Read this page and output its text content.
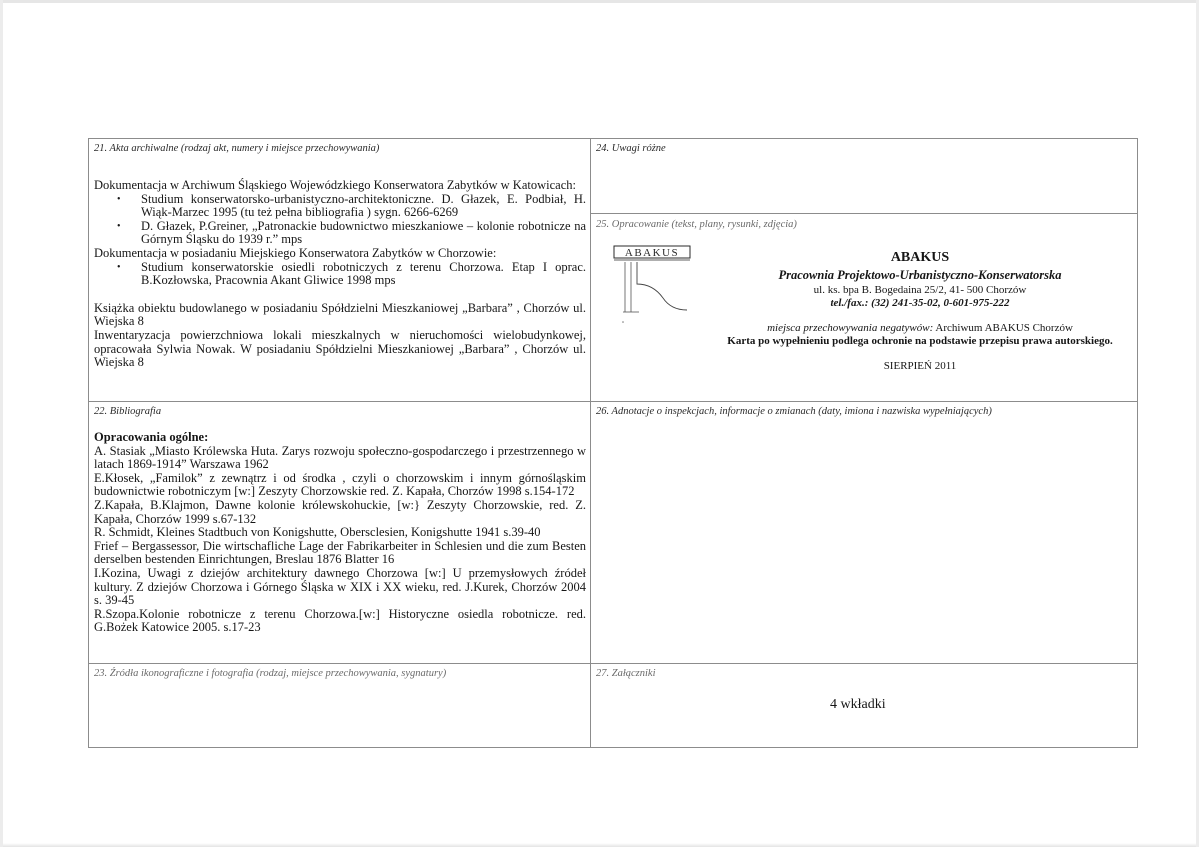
21. Akta archiwalne (rodzaj akt, numery i miejsce przechowywania)

Dokumentacja w Archiwum Śląskiego Wojewódzkiego Konserwatora Zabytków w Katowicach:

• Studium konserwatorsko-urbanistyczno-architektoniczne. D. Głazek, E. Podbiał, H. Wiąk-Marzec 1995 (tu też pełna bibliografia ) sygn. 6266-6269
• D. Głazek, P.Greiner, „Patronackie budownictwo mieszkaniowe – kolonie robotnicze na Górnym Śląsku do 1939 r.” mps

Dokumentacja w posiadaniu Miejskiego Konserwatora Zabytków w Chorzowie:

• Studium konserwatorskie osiedli robotniczych z terenu Chorzowa. Etap I oprac. B.Kozłowska, Pracownia Akant Gliwice 1998 mps

Książka obiektu budowlanego w posiadaniu Spółdzielni Mieszkaniowej „Barbara” , Chorzów ul. Wiejska 8

Inwentaryzacja powierzchniowa lokali mieszkalnych w nieruchomości wielobudynkowej, opracowała Sylwia Nowak. W posiadaniu Spółdzielni Mieszkaniowej „Barbara” , Chorzów ul. Wiejska 8

22. Bibliografia

Opracowania ogólne:

A. Stasiak „Miasto Królewska Huta. Zarys rozwoju społeczno-gospodarczego i przestrzennego w latach 1869-1914” Warszawa 1962

E.Kłosek, „Familok” z zewnątrz i od środka , czyli o chorzowskim i innym górnośląskim budownictwie robotniczym [w:] Zeszyty Chorzowskie red. Z. Kapała, Chorzów 1998 s.154-172

Z.Kapała, B.Klajmon, Dawne kolonie królewskohuckie, [w:} Zeszyty Chorzowskie, red. Z. Kapała, Chorzów 1999 s.67-132

R. Schmidt, Kleines Stadtbuch von Konigshutte, Obersclesien, Konigshutte 1941 s.39-40

Frief – Bergassessor, Die wirtschafliche Lage der Fabrikarbeiter in Schlesien und die zum Besten derselben bestenden Einrichtungen, Breslau 1876 Blatter 16

I.Kozina, Uwagi z dziejów architektury dawnego Chorzowa [w:] U przemysłowych źródeł kultury. Z dziejów Chorzowa i Górnego Śląska w XIX i XX wieku, red. J.Kurek, Chorzów 2004 s. 39-45

R.Szopa.Kolonie robotnicze z terenu Chorzowa.[w:] Historyczne osiedla robotnicze. red. G.Bożek Katowice 2005. s.17-23

23. Źródła ikonograficzne i fotografia (rodzaj, miejsce przechowywania, sygnatury)
24. Uwagi różne
25. Opracowanie (tekst, plany, rysunki, zdjęcia)
ABAKUS	ABAKUS
Pracownia Projektowo-Urbanistyczno-Konserwatorska
ul. ks. bpa B. Bogedaina 25/2, 41- 500 Chorzów
tel./fax.: (32) 241-35-02, 0-601-975-222
miejsca przechowywania negatywów: Archiwum ABAKUS Chorzów
Karta po wypełnieniu podlega ochronie na podstawie przepisu prawa autorskiego.
SIERPIEŃ 2011
26. Adnotacje o inspekcjach, informacje o zmianach (daty, imiona i nazwiska wypełniających)
27. Załączniki
4 wkładki
